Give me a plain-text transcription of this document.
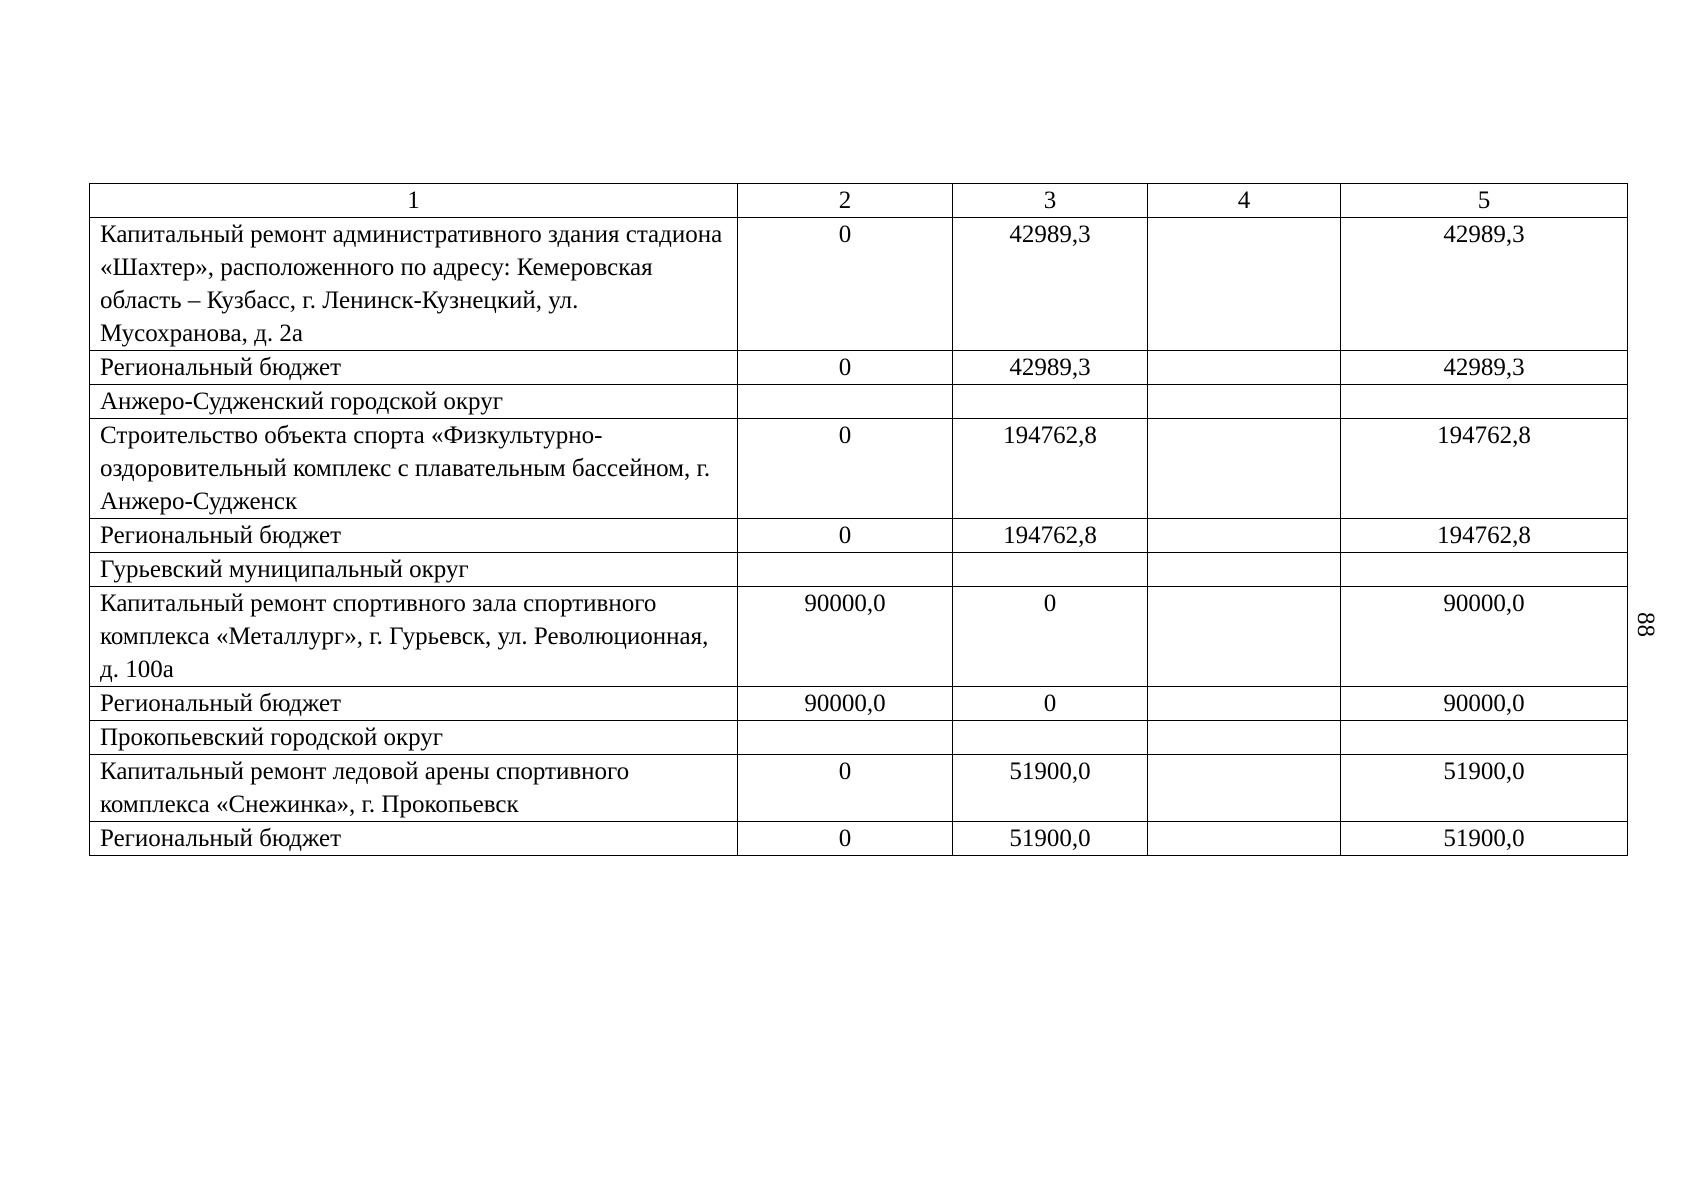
1	2	3	4	5
Капитальный ремонт административного здания стадиона «Шахтер», расположенного по адресу: Кемеровская область – Кузбасс, г. Ленинск-Кузнецкий, ул. Мусохранова, д. 2а	0	42989,3		42989,3
Региональный бюджет	0	42989,3		42989,3
Анжеро-Судженский городской округ				
Строительство объекта спорта «Физкультурно-оздоровительный комплекс с плавательным бассейном, г. Анжеро-Судженск	0	194762,8		194762,8
Региональный бюджет	0	194762,8		194762,8
Гурьевский муниципальный округ				
Капитальный ремонт спортивного зала спортивного комплекса «Металлург», г. Гурьевск, ул. Революционная, д. 100а	90000,0	0		90000,0
Региональный бюджет	90000,0	0		90000,0
Прокопьевский городской округ				
Капитальный ремонт ледовой арены спортивного комплекса «Снежинка», г. Прокопьевск	0	51900,0		51900,0
Региональный бюджет	0	51900,0		51900,0
88
